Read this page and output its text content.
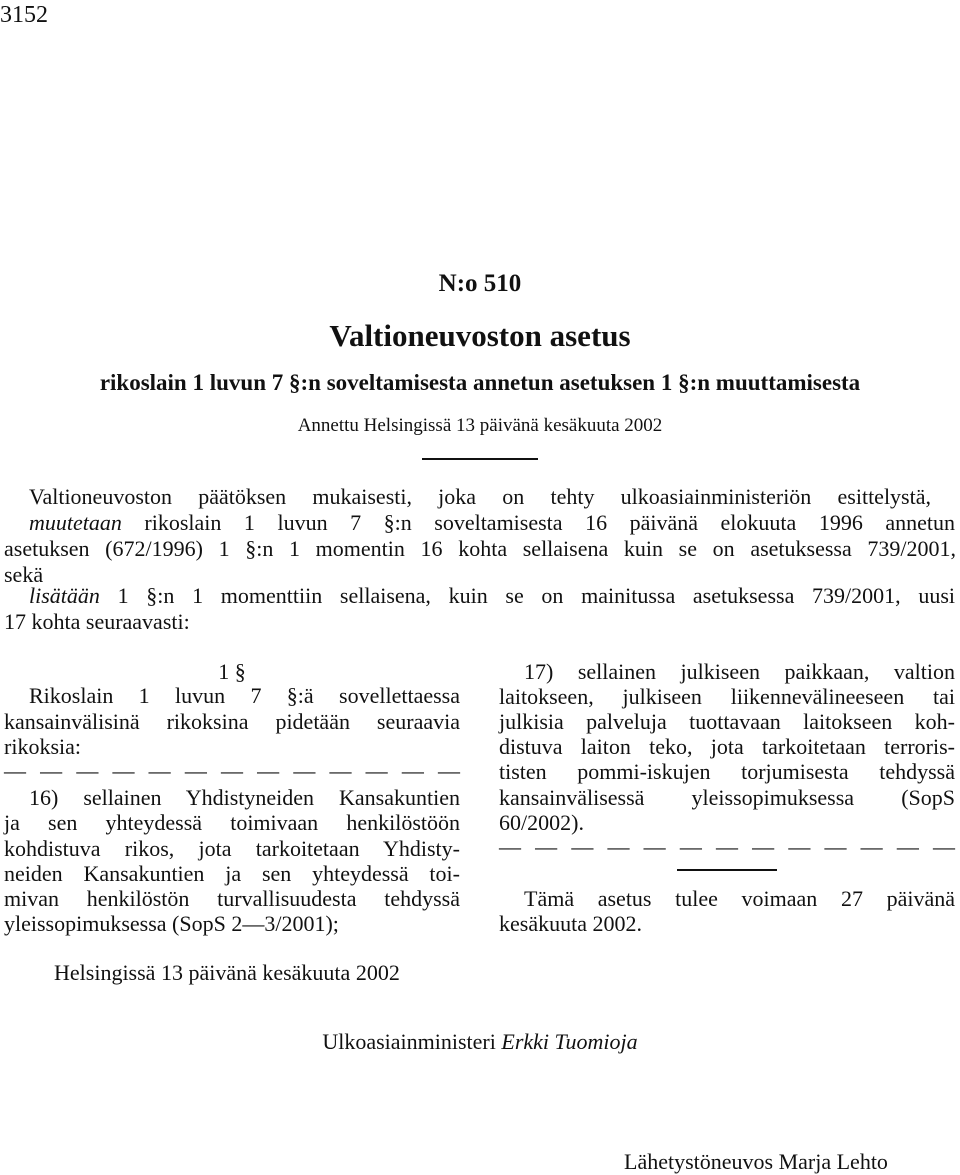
3152
N:o 510
Valtioneuvoston asetus
rikoslain 1 luvun 7 §:n soveltamisesta annetun asetuksen 1 §:n muuttamisesta
Annettu Helsingissä 13 päivänä kesäkuuta 2002
Valtioneuvoston päätöksen mukaisesti, joka on tehty ulkoasiainministeriön esittelystä,
muutetaan rikoslain 1 luvun 7 §:n soveltamisesta 16 päivänä elokuuta 1996 annetun
asetuksen (672/1996) 1 §:n 1 momentin 16 kohta sellaisena kuin se on asetuksessa 739/2001,
sekä
lisätään 1 §:n 1 momenttiin sellaisena, kuin se on mainitussa asetuksessa 739/2001, uusi
17 kohta seuraavasti:
1 §
Rikoslain 1 luvun 7 §:ä sovellettaessa
kansainvälisinä rikoksina pidetään seuraavia
rikoksia:
— — — — — — — — — — — — —
16) sellainen Yhdistyneiden Kansakuntien
ja sen yhteydessä toimivaan henkilöstöön
kohdistuva rikos, jota tarkoitetaan Yhdisty-
neiden Kansakuntien ja sen yhteydessä toi-
mivan henkilöstön turvallisuudesta tehdyssä
yleissopimuksessa (SopS 2—3/2001);
17) sellainen julkiseen paikkaan, valtion
laitokseen, julkiseen liikennevälineeseen tai
julkisia palveluja tuottavaan laitokseen koh-
distuva laiton teko, jota tarkoitetaan terroris-
tisten pommi-iskujen torjumisesta tehdyssä
kansainvälisessä yleissopimuksessa (SopS
60/2002).
— — — — — — — — — — — — —
Tämä asetus tulee voimaan 27 päivänä
kesäkuuta 2002.
Helsingissä 13 päivänä kesäkuuta 2002
Ulkoasiainministeri Erkki Tuomioja
Lähetystöneuvos Marja Lehto
